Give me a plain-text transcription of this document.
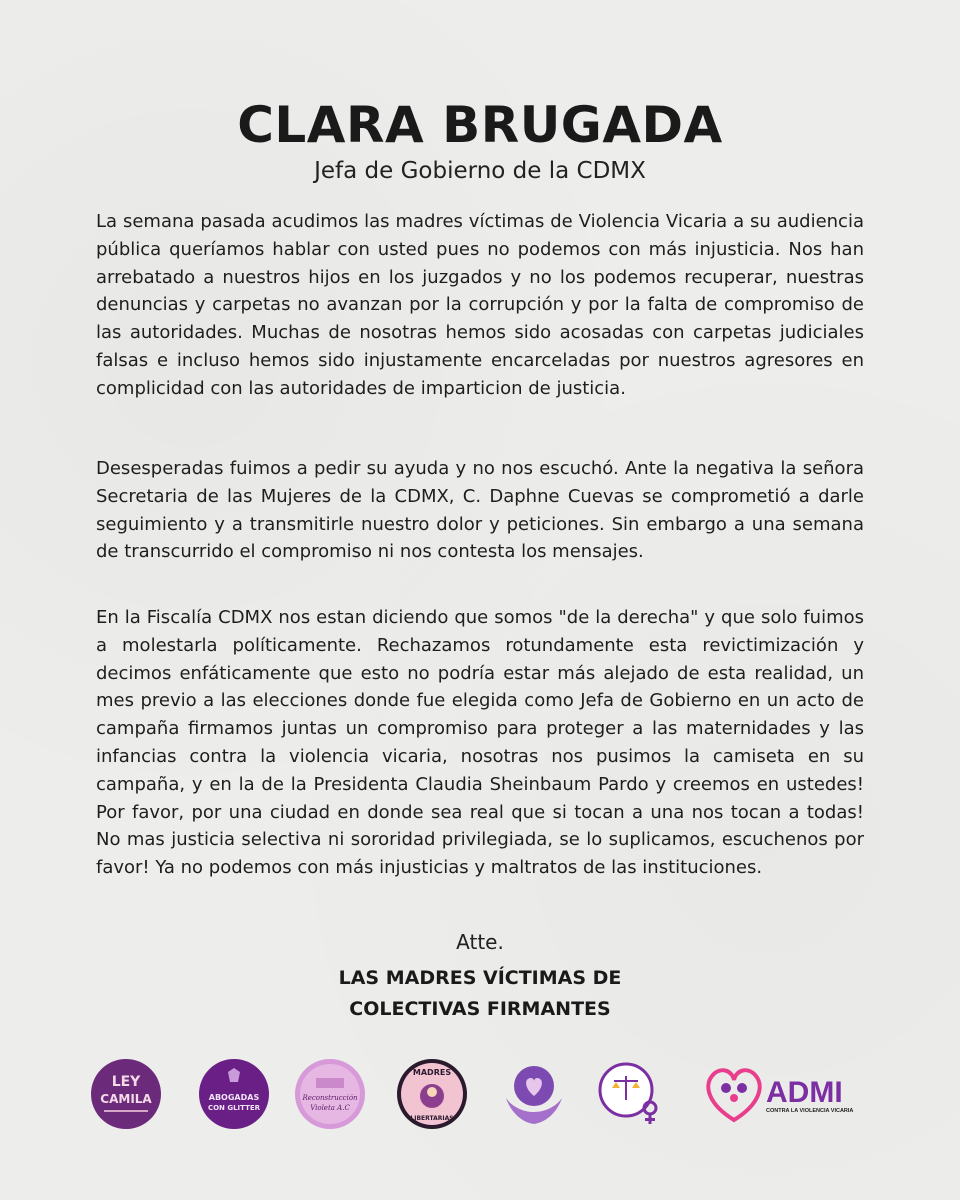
CLARA BRUGADA
Jefa de Gobierno de la CDMX

La semana pasada acudimos las madres víctimas de Violencia Vicaria a su audiencia pública queríamos hablar con usted pues no podemos con más injusticia. Nos han arrebatado a nuestros hijos en los juzgados y no los podemos recuperar, nuestras denuncias y carpetas no avanzan por la corrupción y por la falta de compromiso de las autoridades. Muchas de nosotras hemos sido acosadas con carpetas judiciales falsas e incluso hemos sido injustamente encarceladas por nuestros agresores en complicidad con las autoridades de imparticion de justicia.

Desesperadas fuimos a pedir su ayuda y no nos escuchó. Ante la negativa la señora Secretaria de las Mujeres de la CDMX, C. Daphne Cuevas se comprometió a darle seguimiento y a transmitirle nuestro dolor y peticiones. Sin embargo a una semana de transcurrido el compromiso ni nos contesta los mensajes.

En la Fiscalía CDMX nos estan diciendo que somos "de la derecha" y que solo fuimos a molestarla políticamente. Rechazamos rotundamente esta revictimización y decimos enfáticamente que esto no podría estar más alejado de esta realidad, un mes previo a las elecciones donde fue elegida como Jefa de Gobierno en un acto de campaña firmamos juntas un compromiso para proteger a las maternidades y las infancias contra la violencia vicaria, nosotras nos pusimos la camiseta en su campaña, y en la de la Presidenta Claudia Sheinbaum Pardo y creemos en ustedes! Por favor, por una ciudad en donde sea real que si tocan a una nos tocan a todas! No mas justicia selectiva ni sororidad privilegiada, se lo suplicamos, escuchenos por favor! Ya no podemos con más injusticias y maltratos de las instituciones.

Atte.
LAS MADRES VÍCTIMAS DE
COLECTIVAS FIRMANTES
LEY
CAMILA	ABOGADAS
CON GLITTER
Reconstrucción
Violeta A.C
MADRES
LIBERTARIAS
ADMI
CONTRA LA VIOLENCIA VICARIA
